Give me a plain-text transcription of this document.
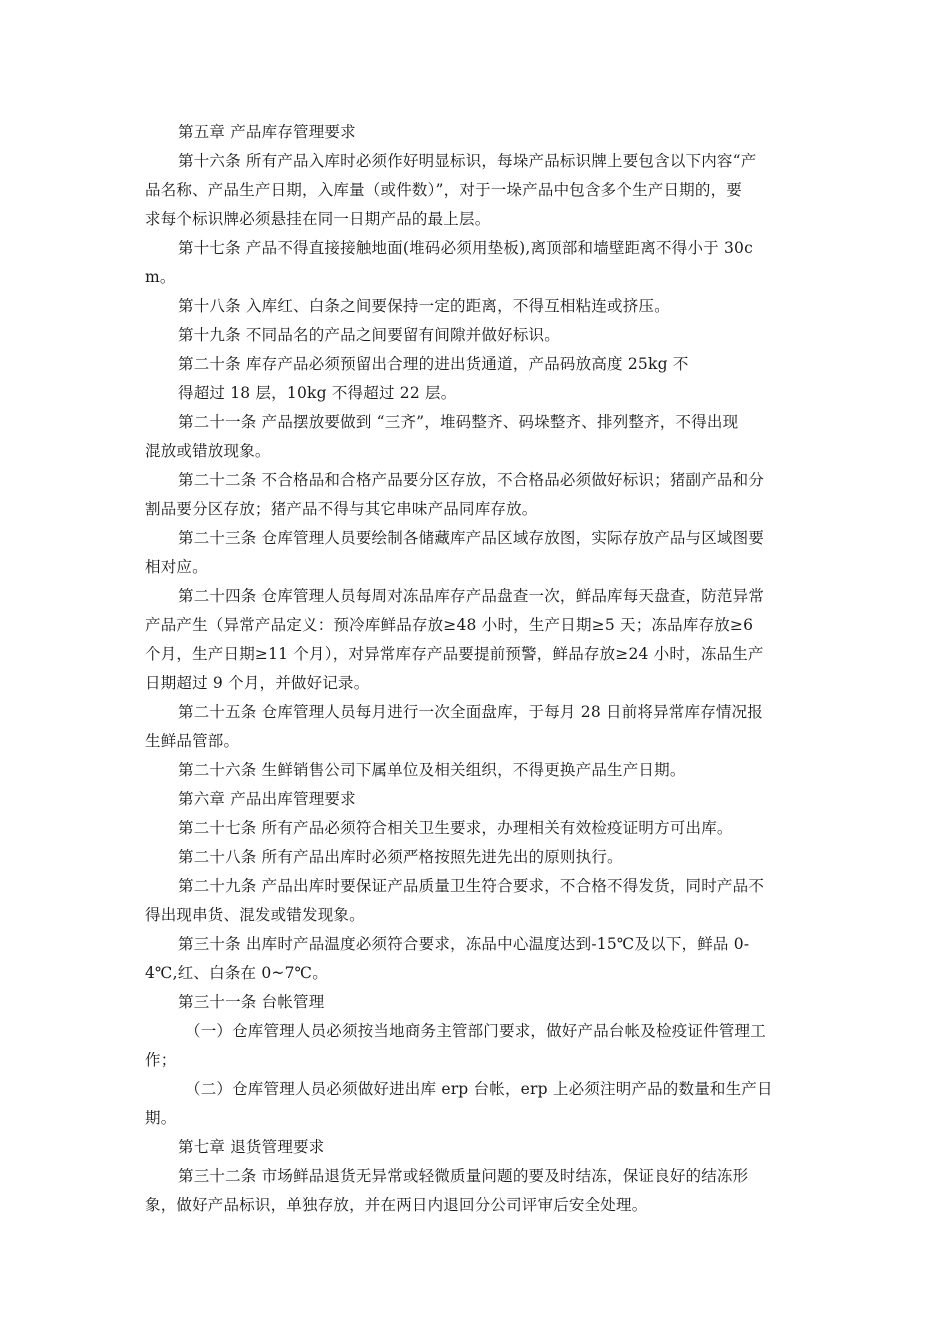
第五章 产品库存管理要求

第十六条 所有产品入库时必须作好明显标识，每垛产品标识牌上要包含以下内容“产

品名称、产品生产日期，入库量（或件数）”，对于一垛产品中包含多个生产日期的，要

求每个标识牌必须悬挂在同一日期产品的最上层。

第十七条 产品不得直接接触地面(堆码必须用垫板),离顶部和墙壁距离不得小于 30c

m。

第十八条 入库红、白条之间要保持一定的距离，不得互相粘连或挤压。

第十九条 不同品名的产品之间要留有间隙并做好标识。

第二十条 库存产品必须预留出合理的进出货通道，产品码放高度 25kg 不

得超过 18 层，10kg 不得超过 22 层。

第二十一条 产品摆放要做到 “三齐”，堆码整齐、码垛整齐、排列整齐，不得出现

混放或错放现象。

第二十二条 不合格品和合格产品要分区存放，不合格品必须做好标识；猪副产品和分

割品要分区存放；猪产品不得与其它串味产品同库存放。

第二十三条 仓库管理人员要绘制各储藏库产品区域存放图，实际存放产品与区域图要

相对应。

第二十四条 仓库管理人员每周对冻品库存产品盘查一次，鲜品库每天盘查，防范异常

产品产生（异常产品定义：预冷库鲜品存放≥48 小时，生产日期≥5 天；冻品库存放≥6

个月，生产日期≥11 个月），对异常库存产品要提前预警，鲜品存放≥24 小时，冻品生产

日期超过 9 个月，并做好记录。

第二十五条 仓库管理人员每月进行一次全面盘库，于每月 28 日前将异常库存情况报

生鲜品管部。

第二十六条 生鲜销售公司下属单位及相关组织，不得更换产品生产日期。

第六章 产品出库管理要求

第二十七条 所有产品必须符合相关卫生要求，办理相关有效检疫证明方可出库。

第二十八条 所有产品出库时必须严格按照先进先出的原则执行。

第二十九条 产品出库时要保证产品质量卫生符合要求，不合格不得发货，同时产品不

得出现串货、混发或错发现象。

第三十条 出库时产品温度必须符合要求，冻品中心温度达到-15℃及以下，鲜品 0-

4℃,红、白条在 0~7℃。

第三十一条 台帐管理

（一）仓库管理人员必须按当地商务主管部门要求，做好产品台帐及检疫证件管理工

作；

（二）仓库管理人员必须做好进出库 erp 台帐，erp 上必须注明产品的数量和生产日

期。

第七章 退货管理要求

第三十二条 市场鲜品退货无异常或轻微质量问题的要及时结冻，保证良好的结冻形

象，做好产品标识，单独存放，并在两日内退回分公司评审后安全处理。
